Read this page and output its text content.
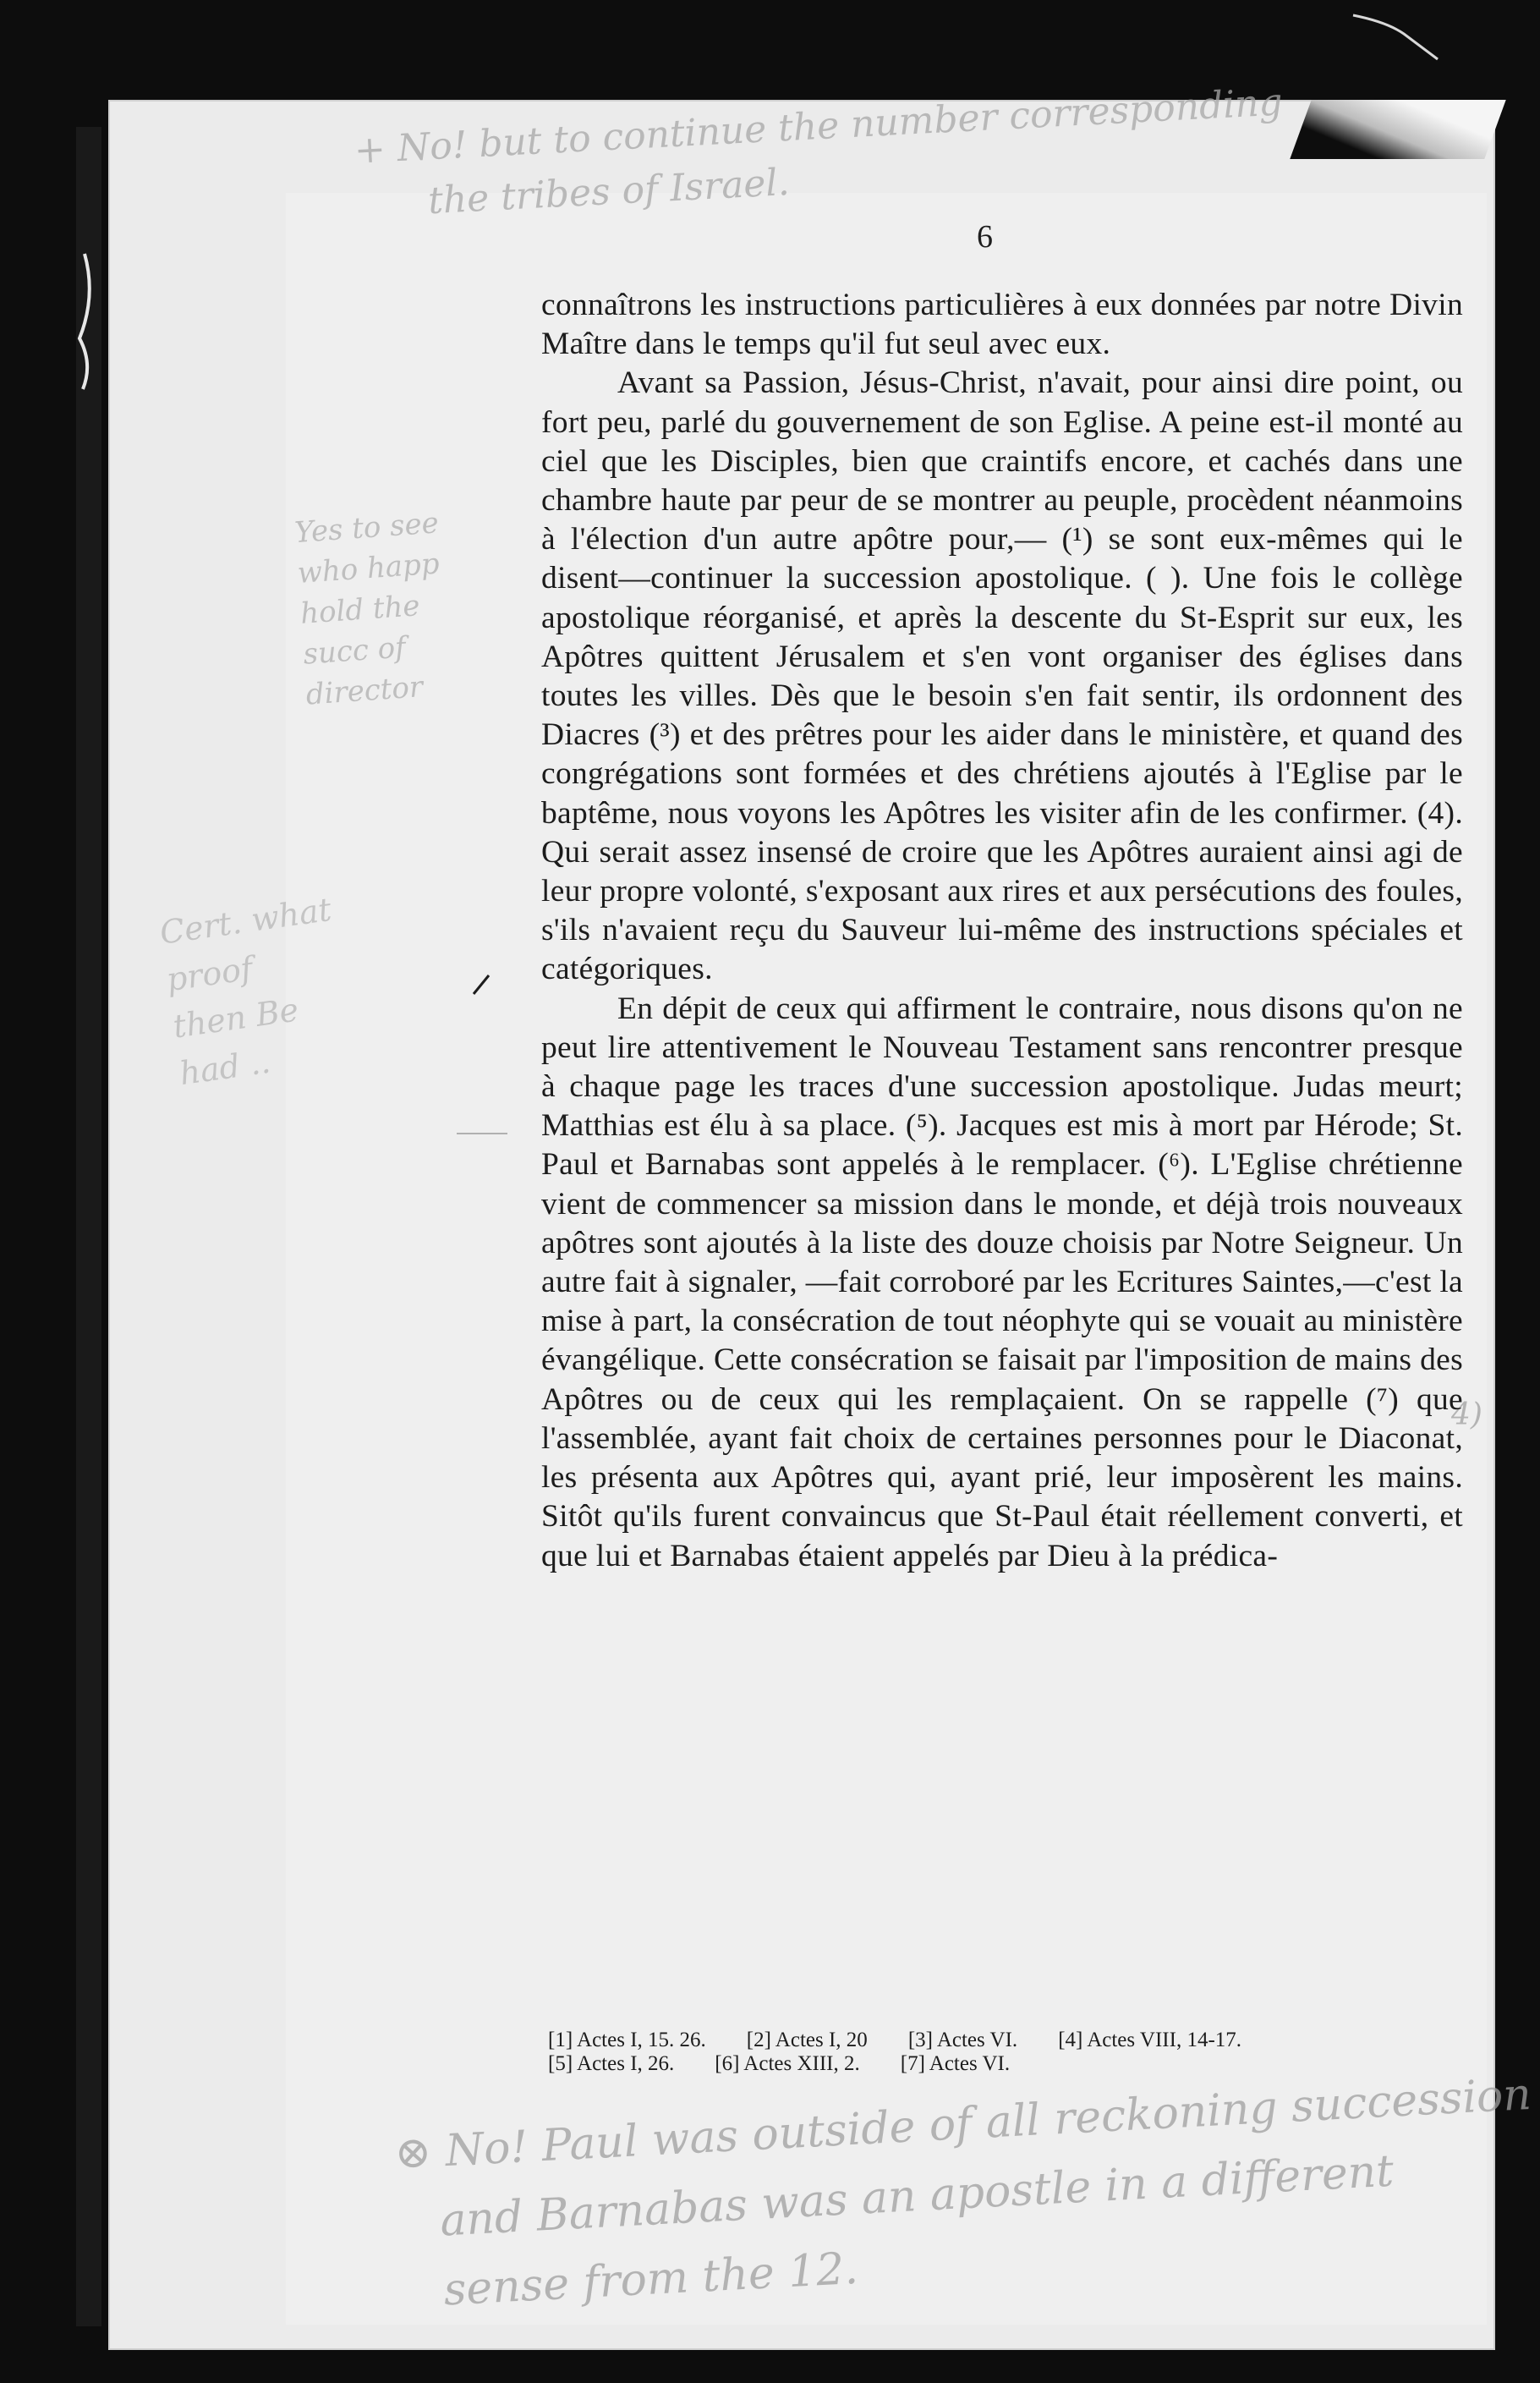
+ No! but to continue the number corresponding
the tribes of Israel.
Yes to see
who happ
hold the
succ of
director
Cert. what
proof
then Be
had ..
4)
6

connaîtrons les instructions particulières à eux données par notre Divin Maître dans le temps qu'il fut seul avec eux.

Avant sa Passion, Jésus-Christ, n'avait, pour ainsi dire point, ou fort peu, parlé du gouvernement de son Eglise. A peine est-il monté au ciel que les Disciples, bien que craintifs encore, et cachés dans une chambre haute par peur de se montrer au peuple, procèdent néanmoins à l'élection d'un autre apôtre pour,— (¹) se sont eux-mêmes qui le disent—continuer la succession apostolique. ( ). Une fois le collège apostolique réorganisé, et après la descente du St-Esprit sur eux, les Apôtres quittent Jérusalem et s'en vont organiser des églises dans toutes les villes. Dès que le besoin s'en fait sentir, ils ordonnent des Diacres (³) et des prêtres pour les aider dans le ministère, et quand des congrégations sont formées et des chrétiens ajoutés à l'Eglise par le baptême, nous voyons les Apôtres les visiter afin de les confirmer. (4). Qui serait assez insensé de croire que les Apôtres auraient ainsi agi de leur propre volonté, s'exposant aux rires et aux persécutions des foules, s'ils n'avaient reçu du Sauveur lui-même des instructions spéciales et catégoriques.

En dépit de ceux qui affirment le contraire, nous disons qu'on ne peut lire attentivement le Nouveau Testament sans rencontrer presque à chaque page les traces d'une succession apostolique. Judas meurt; Matthias est élu à sa place. (⁵). Jacques est mis à mort par Hérode; St. Paul et Barnabas sont appelés à le remplacer. (⁶). L'Eglise chrétienne vient de commencer sa mission dans le monde, et déjà trois nouveaux apôtres sont ajoutés à la liste des douze choisis par Notre Seigneur. Un autre fait à signaler, —fait corroboré par les Ecritures Saintes,—c'est la mise à part, la consécration de tout néophyte qui se vouait au ministère évangélique. Cette consécration se faisait par l'imposition de mains des Apôtres ou de ceux qui les remplaçaient. On se rappelle (⁷) que l'assemblée, ayant fait choix de certaines personnes pour le Diaconat, les présenta aux Apôtres qui, ayant prié, leur imposèrent les mains. Sitôt qu'ils furent convaincus que St-Paul était réellement converti, et que lui et Barnabas étaient appelés par Dieu à la prédica-

[1] Actes I, 15. 26. [2] Actes I, 20 [3] Actes VI. [4] Actes VIII, 14-17.
[5] Actes I, 26. [6] Actes XIII, 2. [7] Actes VI.
⊗ No! Paul was outside of all reckoning succession
and Barnabas was an apostle in a different
sense from the 12.
